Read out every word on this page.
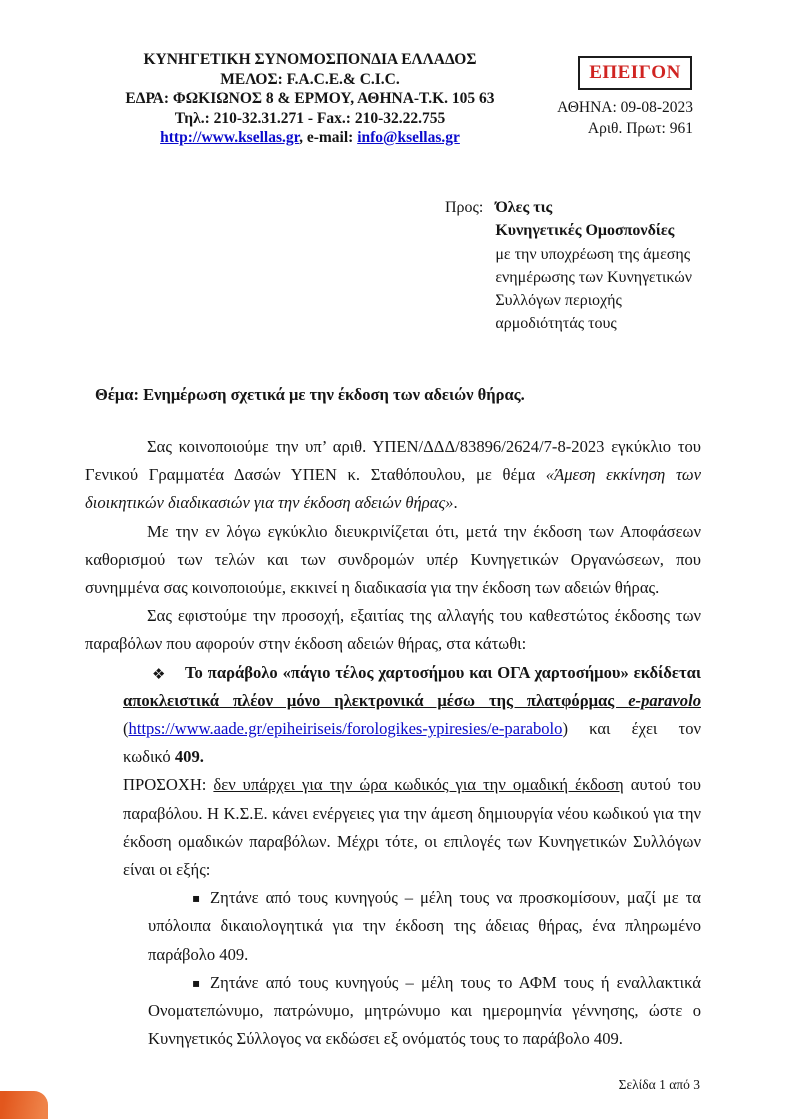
ΚΥΝΗΓΕΤΙΚΗ ΣΥΝΟΜΟΣΠΟΝΔΙΑ ΕΛΛΑΔΟΣ
ΜΕΛΟΣ: F.A.C.E.& C.I.C.
ΕΔΡΑ: ΦΩΚΙΩΝΟΣ 8 & ΕΡΜΟΥ, ΑΘΗΝΑ-Τ.Κ. 105 63
Τηλ.: 210-32.31.271 - Fax.: 210-32.22.755
http://www.ksellas.gr, e-mail: info@ksellas.gr
ΕΠΕΙΓΟΝ
ΑΘΗΝΑ: 09-08-2023
Αριθ. Πρωτ: 961
Προς: Όλες τις
Κυνηγετικές Ομοσπονδίες
με την υποχρέωση της άμεσης
ενημέρωσης των Κυνηγετικών
Συλλόγων περιοχής
αρμοδιότητάς τους
Θέμα: Ενημέρωση σχετικά με την έκδοση των αδειών θήρας.

Σας κοινοποιούμε την υπ’ αριθ. ΥΠΕΝ/ΔΔΔ/83896/2624/7-8-2023 εγκύκλιο του Γενικού Γραμματέα Δασών ΥΠΕΝ κ. Σταθόπουλου, με θέμα «Άμεση εκκίνηση των διοικητικών διαδικασιών για την έκδοση αδειών θήρας».

Με την εν λόγω εγκύκλιο διευκρινίζεται ότι, μετά την έκδοση των Αποφάσεων καθορισμού των τελών και των συνδρομών υπέρ Κυνηγετικών Οργανώσεων, που συνημμένα σας κοινοποιούμε, εκκινεί η διαδικασία για την έκδοση των αδειών θήρας.

Σας εφιστούμε την προσοχή, εξαιτίας της αλλαγής του καθεστώτος έκδοσης των παραβόλων που αφορούν στην έκδοση αδειών θήρας, στα κάτωθι:

❖ Το παράβολο «πάγιο τέλος χαρτοσήμου και ΟΓΑ χαρτοσήμου» εκδίδεται αποκλειστικά πλέον μόνο ηλεκτρονικά μέσω της πλατφόρμας e-paravolo (https://www.aade.gr/epiheiriseis/forologikes-ypiresies/e-parabolo) και έχει τον κωδικό 409.

ΠΡΟΣΟΧΗ: δεν υπάρχει για την ώρα κωδικός για την ομαδική έκδοση αυτού του παραβόλου. Η Κ.Σ.Ε. κάνει ενέργειες για την άμεση δημιουργία νέου κωδικού για την έκδοση ομαδικών παραβόλων. Μέχρι τότε, οι επιλογές των Κυνηγετικών Συλλόγων είναι οι εξής:

▪ Ζητάνε από τους κυνηγούς – μέλη τους να προσκομίσουν, μαζί με τα υπόλοιπα δικαιολογητικά για την έκδοση της άδειας θήρας, ένα πληρωμένο παράβολο 409.

▪ Ζητάνε από τους κυνηγούς – μέλη τους το ΑΦΜ τους ή εναλλακτικά Ονοματεπώνυμο, πατρώνυμο, μητρώνυμο και ημερομηνία γέννησης, ώστε ο Κυνηγετικός Σύλλογος να εκδώσει εξ ονόματός τους το παράβολο 409.

Σελίδα 1 από 3
